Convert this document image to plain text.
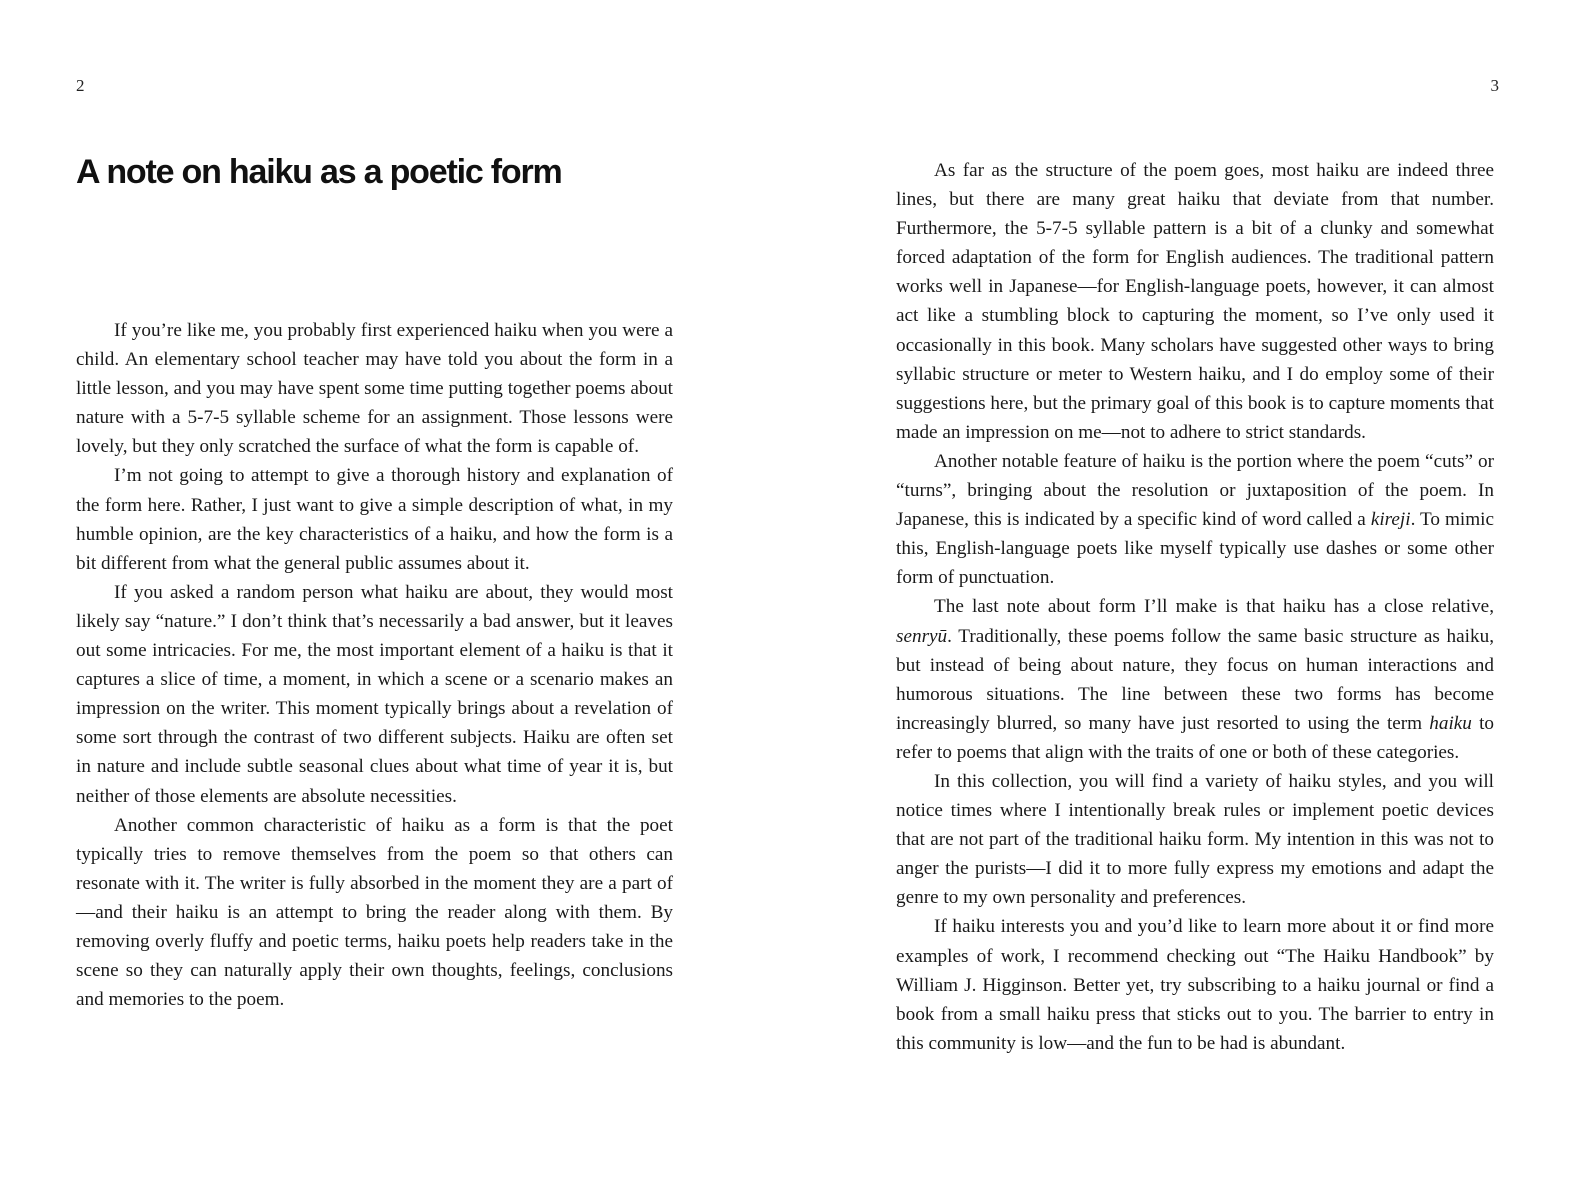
2
A note on haiku as a poetic form

If you’re like me, you probably first experienced haiku when you were a child. An elementary school teacher may have told you about the form in a little lesson, and you may have spent some time putting together poems about nature with a 5-7-5 syllable scheme for an assignment. Those lessons were lovely, but they only scratched the surface of what the form is capable of.

I’m not going to attempt to give a thorough history and explanation of the form here. Rather, I just want to give a simple description of what, in my humble opinion, are the key characteristics of a haiku, and how the form is a bit different from what the general public assumes about it.

If you asked a random person what haiku are about, they would most likely say “nature.” I don’t think that’s necessarily a bad answer, but it leaves out some intricacies. For me, the most important element of a haiku is that it captures a slice of time, a moment, in which a scene or a scenario makes an impression on the writer. This moment typically brings about a revelation of some sort through the contrast of two different subjects. Haiku are often set in nature and include subtle seasonal clues about what time of year it is, but neither of those elements are absolute necessities.

Another common characteristic of haiku as a form is that the poet typically tries to remove themselves from the poem so that others can resonate with it. The writer is fully absorbed in the moment they are a part of—and their haiku is an attempt to bring the reader along with them. By removing overly fluffy and poetic terms, haiku poets help readers take in the scene so they can naturally apply their own thoughts, feelings, conclusions and memories to the poem.

3

As far as the structure of the poem goes, most haiku are indeed three lines, but there are many great haiku that deviate from that number. Furthermore, the 5-7-5 syllable pattern is a bit of a clunky and somewhat forced adaptation of the form for English audiences. The traditional pattern works well in Japanese—for English-language poets, however, it can almost act like a stumbling block to capturing the moment, so I’ve only used it occasionally in this book. Many scholars have suggested other ways to bring syllabic structure or meter to Western haiku, and I do employ some of their suggestions here, but the primary goal of this book is to capture moments that made an impression on me—not to adhere to strict standards.

Another notable feature of haiku is the portion where the poem “cuts” or “turns”, bringing about the resolution or juxtaposition of the poem. In Japanese, this is indicated by a specific kind of word called a kireji. To mimic this, English-language poets like myself typically use dashes or some other form of punctuation.

The last note about form I’ll make is that haiku has a close relative, senryū. Traditionally, these poems follow the same basic structure as haiku, but instead of being about nature, they focus on human interactions and humorous situations. The line between these two forms has become increasingly blurred, so many have just resorted to using the term haiku to refer to poems that align with the traits of one or both of these categories.

In this collection, you will find a variety of haiku styles, and you will notice times where I intentionally break rules or implement poetic devices that are not part of the traditional haiku form. My intention in this was not to anger the purists—I did it to more fully express my emotions and adapt the genre to my own personality and preferences.

If haiku interests you and you’d like to learn more about it or find more examples of work, I recommend checking out “The Haiku Handbook” by William J. Higginson. Better yet, try subscribing to a haiku journal or find a book from a small haiku press that sticks out to you. The barrier to entry in this community is low—and the fun to be had is abundant.
